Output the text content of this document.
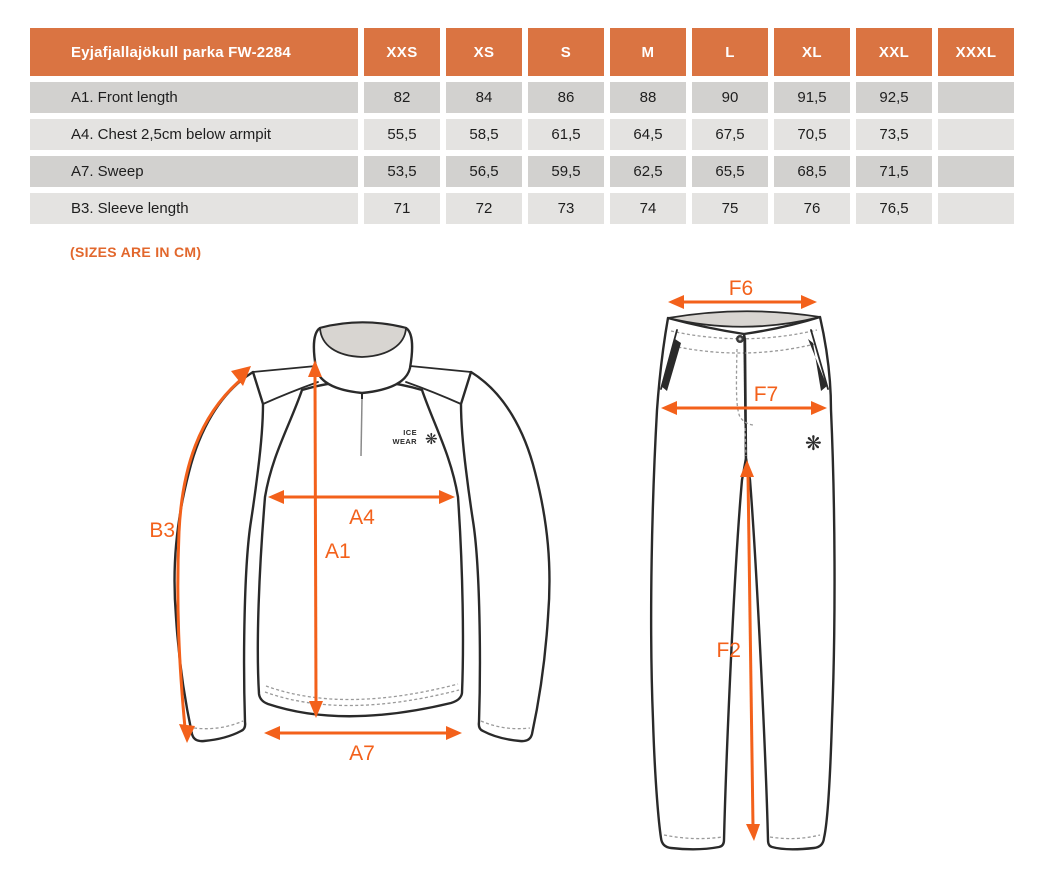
Eyjafjallajökull parka FW-2284	XXS	XS	S	M	L	XL	XXL	XXXL
A1. Front length	82	84	86	88	90	91,5	92,5
A4. Chest 2,5cm below armpit	55,5	58,5	61,5	64,5	67,5	70,5	73,5
A7. Sweep	53,5	56,5	59,5	62,5	65,5	68,5	71,5
B3. Sleeve length	71	72	73	74	75	76	76,5
(SIZES ARE IN CM)
ICE
WEAR ❋
B3
A4
A1
A7
❋
F6
F7
F2
